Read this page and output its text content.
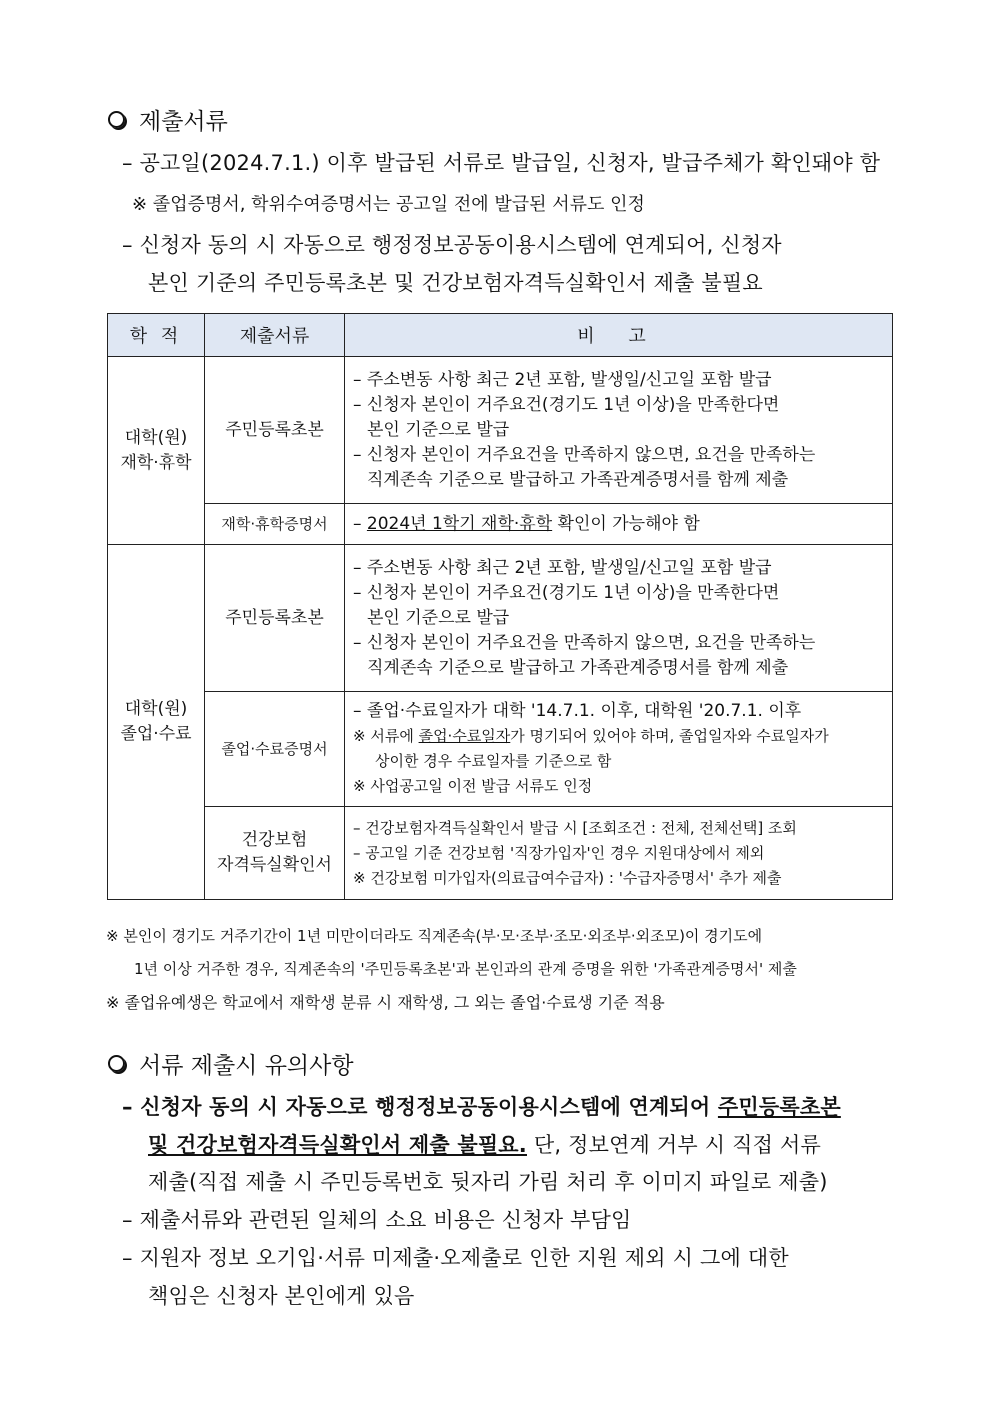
제출서류
– 공고일(2024.7.1.) 이후 발급된 서류로 발급일, 신청자, 발급주체가 확인돼야 함
※ 졸업증명서, 학위수여증명서는 공고일 전에 발급된 서류도 인정
– 신청자 동의 시 자동으로 행정정보공동이용시스템에 연계되어, 신청자
본인 기준의 주민등록초본 및 건강보험자격득실확인서 제출 불필요
학 적	제출서류	비 고

대학(원)
재학·휴학	주민등록초본	– 주소변동 사항 최근 2년 포함, 발생일/신고일 포함 발급
– 신청자 본인이 거주요건(경기도 1년 이상)을 만족한다면
본인 기준으로 발급
– 신청자 본인이 거주요건을 만족하지 않으면, 요건을 만족하는
직계존속 기준으로 발급하고 가족관계증명서를 함께 제출

	재학·휴학증명서	– 2024년 1학기 재학·휴학 확인이 가능해야 함

대학(원)
졸업·수료	주민등록초본	– 주소변동 사항 최근 2년 포함, 발생일/신고일 포함 발급
– 신청자 본인이 거주요건(경기도 1년 이상)을 만족한다면
본인 기준으로 발급
– 신청자 본인이 거주요건을 만족하지 않으면, 요건을 만족하는
직계존속 기준으로 발급하고 가족관계증명서를 함께 제출

	졸업·수료증명서	– 졸업·수료일자가 대학 '14.7.1. 이후, 대학원 '20.7.1. 이후
※ 서류에 졸업·수료일자가 명기되어 있어야 하며, 졸업일자와 수료일자가
상이한 경우 수료일자를 기준으로 함
※ 사업공고일 이전 발급 서류도 인정

	건강보험
자격득실확인서	– 건강보험자격득실확인서 발급 시 [조회조건 : 전체, 전체선택] 조회
– 공고일 기준 건강보험 '직장가입자'인 경우 지원대상에서 제외
※ 건강보험 미가입자(의료급여수급자) : '수급자증명서' 추가 제출
※ 본인이 경기도 거주기간이 1년 미만이더라도 직계존속(부·모·조부·조모·외조부·외조모)이 경기도에
1년 이상 거주한 경우, 직계존속의 '주민등록초본'과 본인과의 관계 증명을 위한 '가족관계증명서' 제출
※ 졸업유예생은 학교에서 재학생 분류 시 재학생, 그 외는 졸업·수료생 기준 적용
서류 제출시 유의사항
– 신청자 동의 시 자동으로 행정정보공동이용시스템에 연계되어 주민등록초본
및 건강보험자격득실확인서 제출 불필요. 단, 정보연계 거부 시 직접 서류
제출(직접 제출 시 주민등록번호 뒷자리 가림 처리 후 이미지 파일로 제출)
– 제출서류와 관련된 일체의 소요 비용은 신청자 부담임
– 지원자 정보 오기입·서류 미제출·오제출로 인한 지원 제외 시 그에 대한
책임은 신청자 본인에게 있음
